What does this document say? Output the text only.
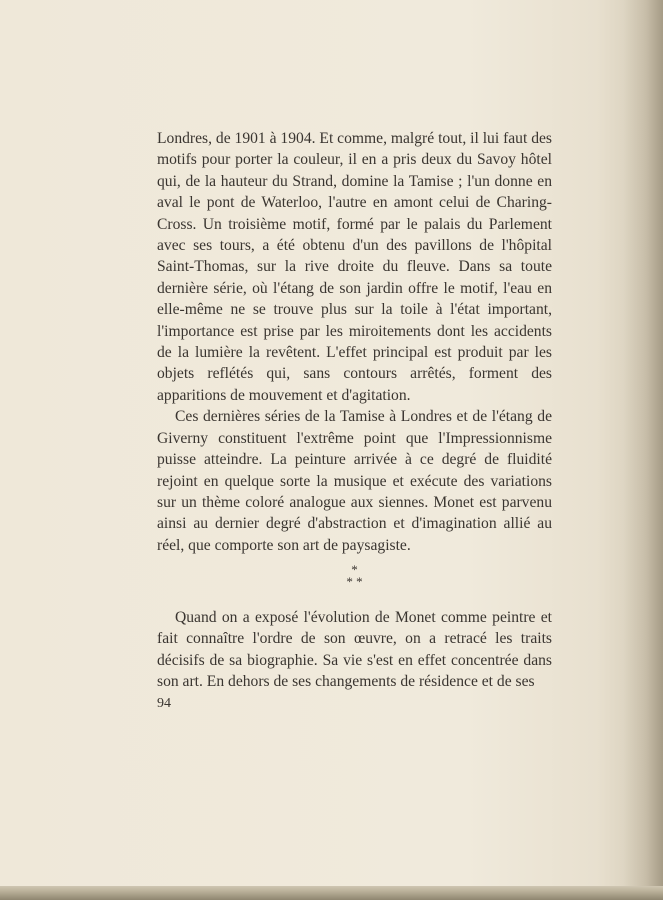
Londres, de 1901 à 1904. Et comme, malgré tout, il lui faut des motifs pour porter la couleur, il en a pris deux du Savoy hôtel qui, de la hauteur du Strand, domine la Tamise ; l'un donne en aval le pont de Waterloo, l'autre en amont celui de Charing-Cross. Un troisième motif, formé par le palais du Parlement avec ses tours, a été obtenu d'un des pavillons de l'hôpital Saint-Thomas, sur la rive droite du fleuve. Dans sa toute dernière série, où l'étang de son jardin offre le motif, l'eau en elle-même ne se trouve plus sur la toile à l'état important, l'importance est prise par les miroitements dont les accidents de la lumière la revêtent. L'effet principal est produit par les objets reflétés qui, sans contours arrêtés, forment des apparitions de mouvement et d'agitation.

Ces dernières séries de la Tamise à Londres et de l'étang de Giverny constituent l'extrême point que l'Impressionnisme puisse atteindre. La peinture arrivée à ce degré de fluidité rejoint en quelque sorte la musique et exécute des variations sur un thème coloré analogue aux siennes. Monet est parvenu ainsi au dernier degré d'abstraction et d'imagination allié au réel, que comporte son art de paysagiste.

*
* *

Quand on a exposé l'évolution de Monet comme peintre et fait connaître l'ordre de son œuvre, on a retracé les traits décisifs de sa biographie. Sa vie s'est en effet concentrée dans son art. En dehors de ses changements de résidence et de ses

94
